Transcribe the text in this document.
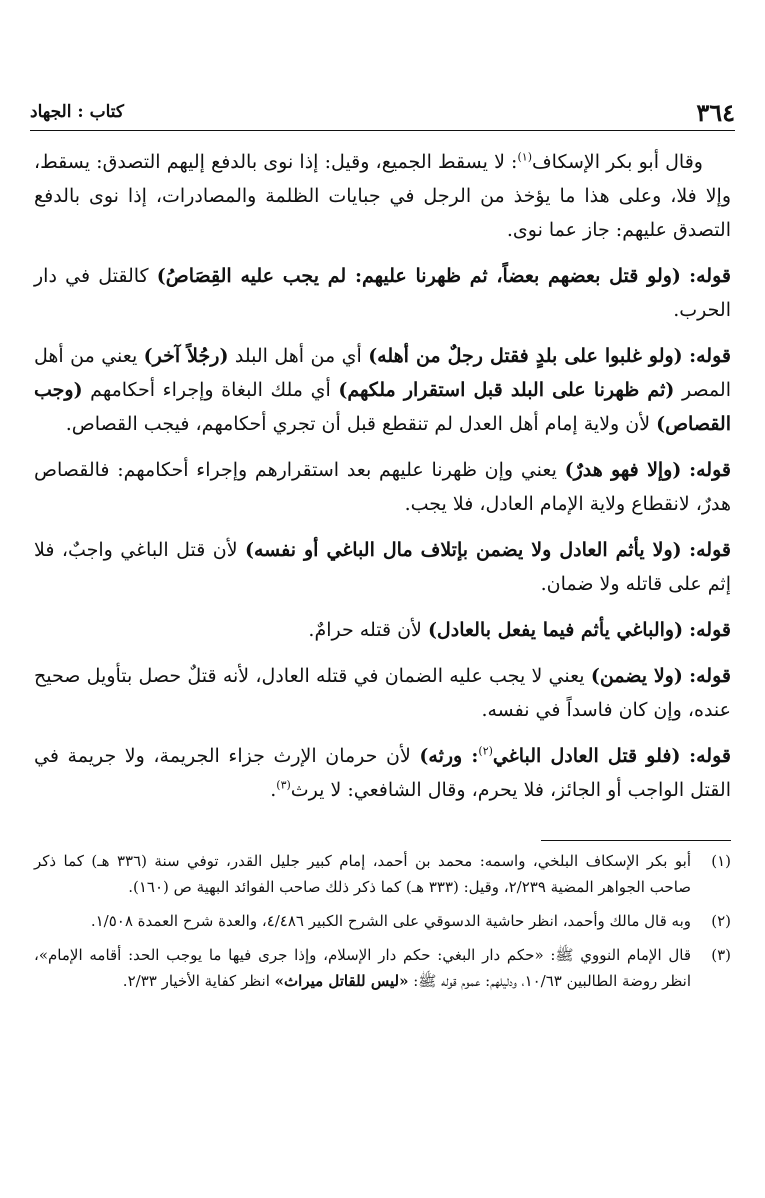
٣٦٤
كتاب : الجهاد

وقال أبو بكر الإسكاف$^{(١)}$: لا يسقط الجميع، وقيل: إذا نوى بالدفع إليهم التصدق: يسقط، وإلا فلا، وعلى هذا ما يؤخذ من الرجل في جبايات الظلمة والمصادرات، إذا نوى بالدفع التصدق عليهم: جاز عما نوى.

قوله: (ولو قتل بعضهم بعضاً، ثم ظهرنا عليهم: لم يجب عليه القِصَاصُ) كالقتل في دار الحرب.

قوله: (ولو غلبوا على بلدٍ فقتل رجلٌ من أهله) أي من أهل البلد (رجُلاً آخر) يعني من أهل المصر (ثم ظهرنا على البلد قبل استقرار ملكهم) أي ملك البغاة وإجراء أحكامهم (وجب القصاص) لأن ولاية إمام أهل العدل لم تنقطع قبل أن تجري أحكامهم، فيجب القصاص.

قوله: (وإلا فهو هدرٌ) يعني وإن ظهرنا عليهم بعد استقرارهم وإجراء أحكامهم: فالقصاص هدرٌ، لانقطاع ولاية الإمام العادل، فلا يجب.

قوله: (ولا يأثم العادل ولا يضمن بإتلاف مال الباغي أو نفسه) لأن قتل الباغي واجبٌ، فلا إثم على قاتله ولا ضمان.

قوله: (والباغي يأثم فيما يفعل بالعادل) لأن قتله حرامٌ.

قوله: (ولا يضمن) يعني لا يجب عليه الضمان في قتله العادل، لأنه قتلٌ حصل بتأويل صحيح عنده، وإن كان فاسداً في نفسه.

قوله: (فلو قتل العادل الباغي$^{(٢)}$: ورثه) لأن حرمان الإرث جزاء الجريمة، ولا جريمة في القتل الواجب أو الجائز، فلا يحرم، وقال الشافعي: لا يرث$^{(٣)}$.

(١)
أبو بكر الإسكاف البلخي، واسمه: محمد بن أحمد، إمام كبير جليل القدر، توفي سنة (٣٣٦ هـ) كما ذكر صاحب الجواهر المضية ٢/٢٣٩، وقيل: (٣٣٣ هـ) كما ذكر ذلك صاحب الفوائد البهية ص (١٦٠).
(٢)
وبه قال مالك وأحمد، انظر حاشية الدسوقي على الشرح الكبير ٤/٤٨٦، والعدة شرح العمدة ١/٥٠٨.
(٣)
قال الإمام النووي ﷺ: «حكم دار البغي: حكم دار الإسلام، وإذا جرى فيها ما يوجب الحد: أقامه الإمام»، انظر روضة الطالبين ١٠/٦٣، ودليلهم: عموم قوله ﷺ: «ليس للقاتل ميراث» انظر كفاية الأخيار ٢/٣٣.
